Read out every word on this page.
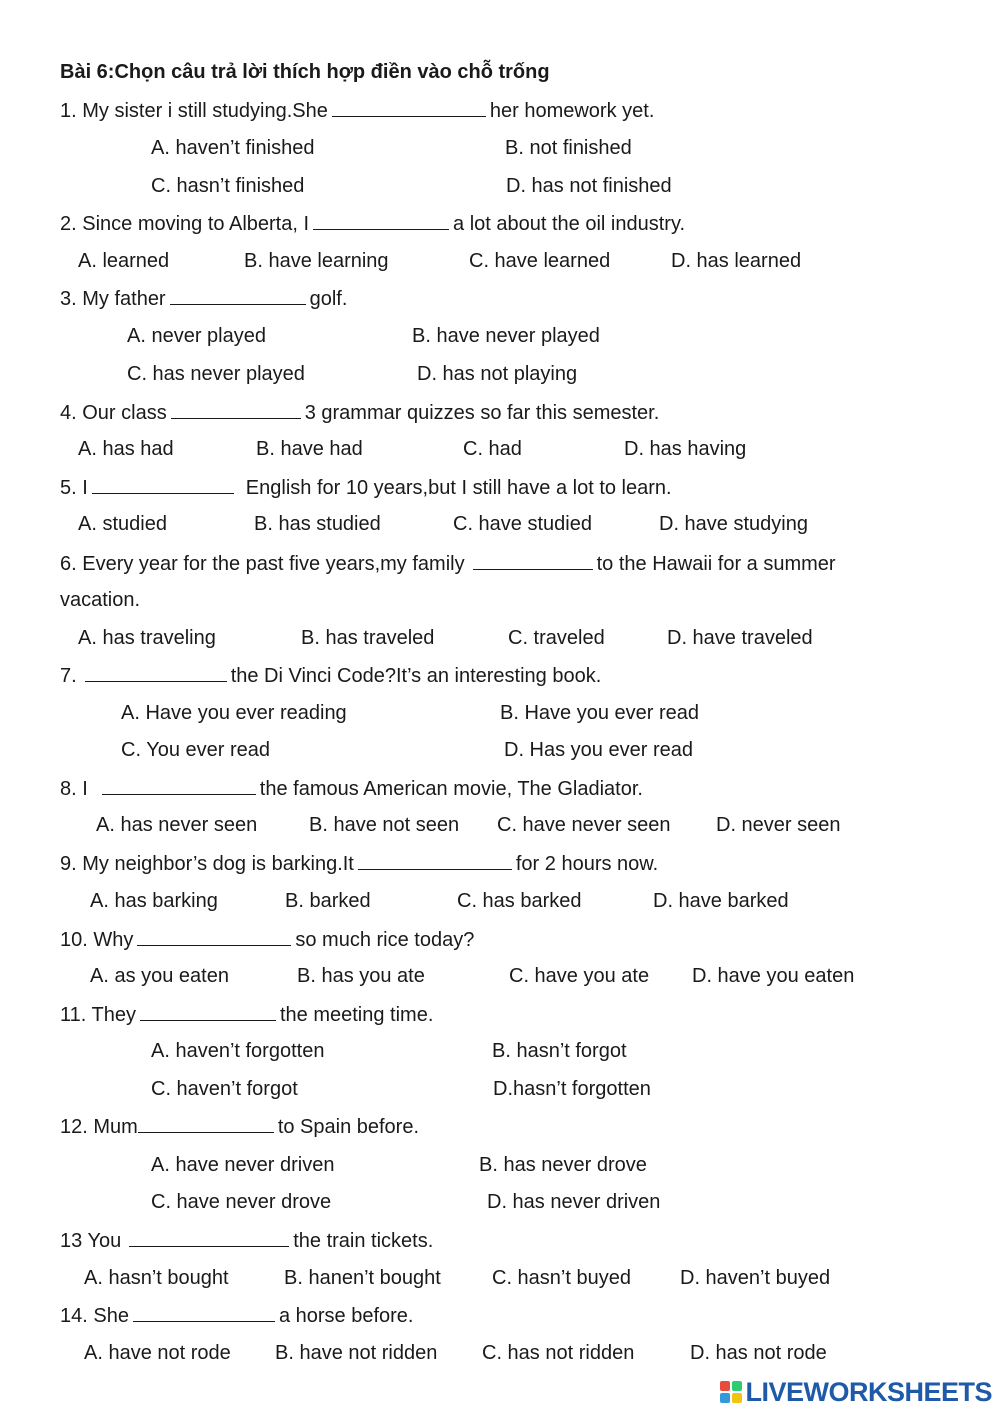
Bài 6:Chọn câu trả lời thích hợp điền vào chỗ trống
1. My sister i still studying.She	her homework yet.
A. haven’t finished	B. not finished
C. hasn’t finished	D. has not finished
2. Since moving to Alberta, I	a lot about the oil industry.
A. learned	B. have learning	C. have learned	D. has learned
3. My father	golf.
A. never played	B. have never played
C. has never played	D. has not playing
4. Our class	3 grammar quizzes so far this semester.
A. has had	B. have had	C. had	D. has having
5. I	English for 10 years,but I still have a lot to learn.
A. studied	B. has studied	C. have studied	D. have studying
6. Every year for the past five years,my family	to the Hawaii for a summer
vacation.
A. has traveling	B. has traveled	C. traveled	D. have traveled
7.	the Di Vinci Code?It’s an interesting book.
A. Have you ever reading	B. Have you ever read
C. You ever read	D. Has you ever read
8. I	the famous American movie, The Gladiator.
A. has never seen	B. have not seen C. have never seen D. never seen
9. My neighbor’s dog is barking.It	for 2 hours now.
A. has barking	B. barked	C. has barked	D. have barked
10. Why	so much rice today?
A. as you eaten	B. has you ate	C. have you ate D. have you eaten
11. They	the meeting time.
A. haven’t forgotten	B. hasn’t forgot
C. haven’t forgot	D.hasn’t forgotten
12. Mum	to Spain before.
A. have never driven	B. has never drove
C. have never drove	D. has never driven
13 You	the train tickets.
A. hasn’t bought	B. hanen’t bought	C. hasn’t buyed D. haven’t buyed
14. She	a horse before.
A. have not rode B. have not ridden C. has not ridden	D. has not rode
LIVEWORKSHEETS
